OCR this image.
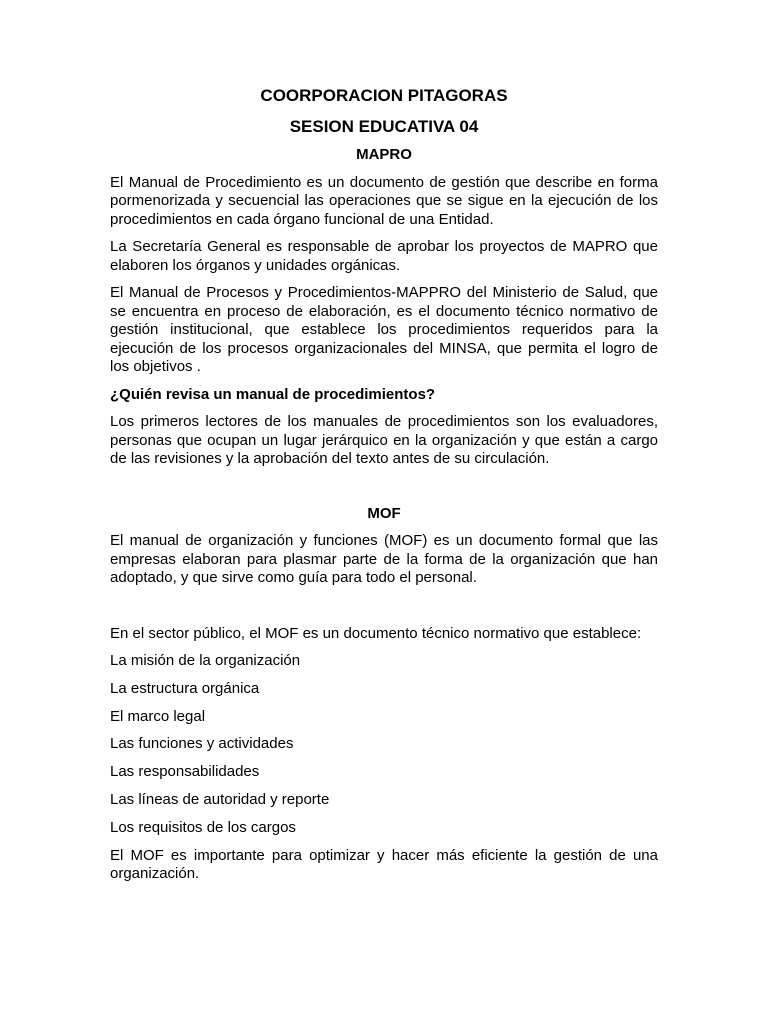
COORPORACION PITAGORAS
SESION EDUCATIVA 04
MAPRO

El Manual de Procedimiento es un documento de gestión que describe en forma pormenorizada y secuencial las operaciones que se sigue en la ejecución de los procedimientos en cada órgano funcional de una Entidad.

La Secretaría General es responsable de aprobar los proyectos de MAPRO que elaboren los órganos y unidades orgánicas.

El Manual de Procesos y Procedimientos-MAPPRO del Ministerio de Salud, que se encuentra en proceso de elaboración, es el documento técnico normativo de gestión institucional, que establece los procedimientos requeridos para la ejecución de los procesos organizacionales del MINSA, que permita el logro de los objetivos .

¿Quién revisa un manual de procedimientos?

Los primeros lectores de los manuales de procedimientos son los evaluadores, personas que ocupan un lugar jerárquico en la organización y que están a cargo de las revisiones y la aprobación del texto antes de su circulación.

MOF

El manual de organización y funciones (MOF) es un documento formal que las empresas elaboran para plasmar parte de la forma de la organización que han adoptado, y que sirve como guía para todo el personal.

En el sector público, el MOF es un documento técnico normativo que establece:

La misión de la organización
La estructura orgánica
El marco legal
Las funciones y actividades
Las responsabilidades
Las líneas de autoridad y reporte
Los requisitos de los cargos

El MOF es importante para optimizar y hacer más eficiente la gestión de una organización.
